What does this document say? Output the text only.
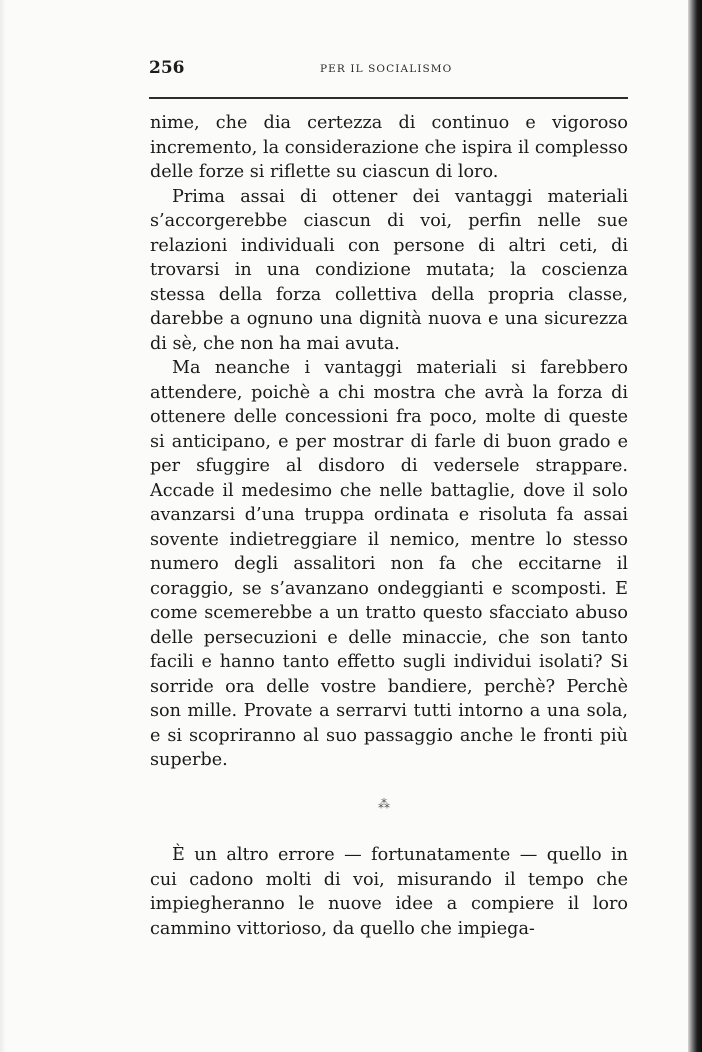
256	PER IL SOCIALISMO

nime, che dia certezza di continuo e vigoroso incremento, la considerazione che ispira il complesso delle forze si riflette su ciascun di loro.

Prima assai di ottener dei vantaggi materiali s’accorgerebbe ciascun di voi, perfin nelle sue relazioni individuali con persone di altri ceti, di trovarsi in una condizione mutata; la coscienza stessa della forza collettiva della propria classe, darebbe a ognuno una dignità nuova e una sicurezza di sè, che non ha mai avuta.

Ma neanche i vantaggi materiali si farebbero attendere, poichè a chi mostra che avrà la forza di ottenere delle concessioni fra poco, molte di queste si anticipano, e per mostrar di farle di buon grado e per sfuggire al disdoro di vedersele strappare. Accade il medesimo che nelle battaglie, dove il solo avanzarsi d’una truppa ordinata e risoluta fa assai sovente indietreggiare il nemico, mentre lo stesso numero degli assalitori non fa che eccitarne il coraggio, se s’avanzano ondeggianti e scomposti. E come scemerebbe a un tratto questo sfacciato abuso delle persecuzioni e delle minaccie, che son tanto facili e hanno tanto effetto sugli individui isolati? Si sorride ora delle vostre bandiere, perchè? Perchè son mille. Provate a serrarvi tutti intorno a una sola, e si scopriranno al suo passaggio anche le fronti più superbe.

⁂

È un altro errore — fortunatamente — quello in cui cadono molti di voi, misurando il tempo che impiegheranno le nuove idee a compiere il loro cammino vittorioso, da quello che impiega-
